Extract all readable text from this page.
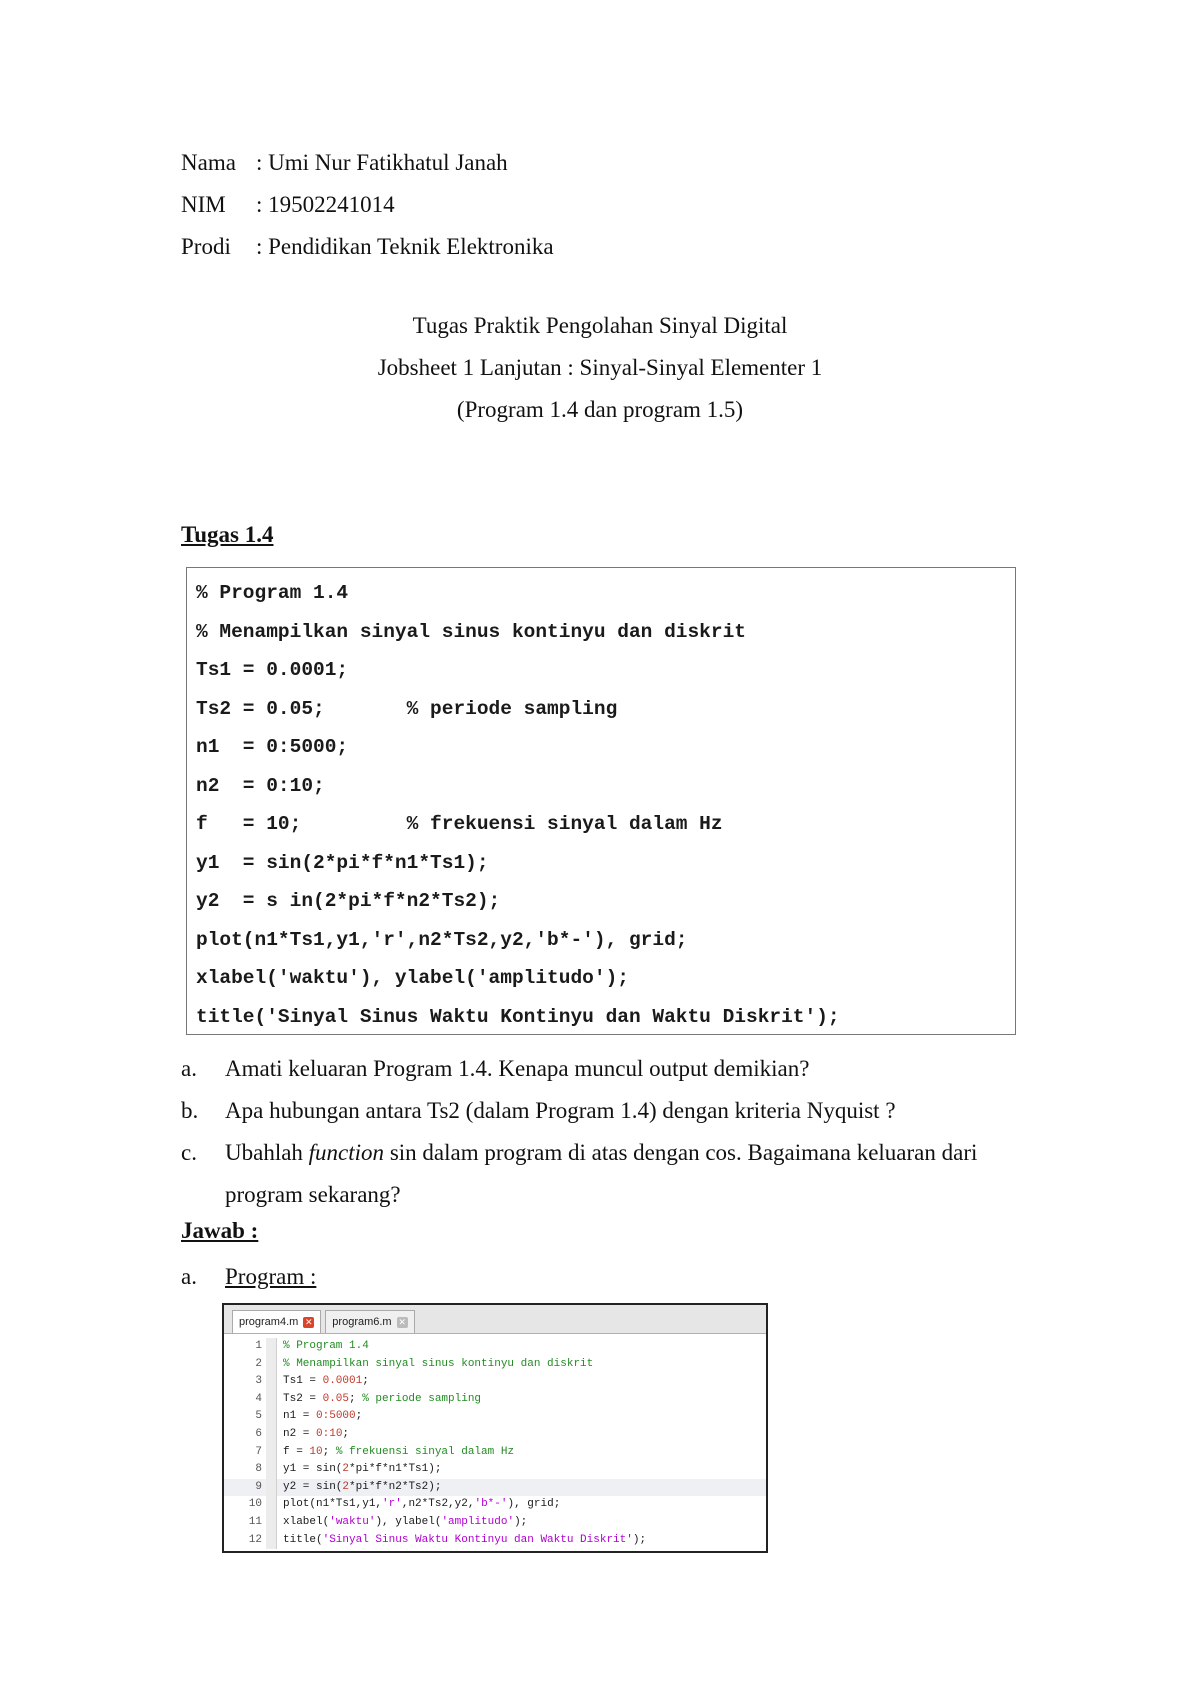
Nama : Umi Nur Fatikhatul Janah
NIM	: 19502241014
Prodi	: Pendidikan Teknik Elektronika
Tugas Praktik Pengolahan Sinyal Digital
Jobsheet 1 Lanjutan : Sinyal-Sinyal Elementer 1
(Program 1.4 dan program 1.5)
Tugas 1.4
% Program 1.4
% Menampilkan sinyal sinus kontinyu dan diskrit
Ts1 = 0.0001;
Ts2 = 0.05;       % periode sampling
n1  = 0:5000;
n2  = 0:10;
f   = 10;         % frekuensi sinyal dalam Hz
y1  = sin(2*pi*f*n1*Ts1);
y2  = s in(2*pi*f*n2*Ts2);
plot(n1*Ts1,y1,'r',n2*Ts2,y2,'b*-'), grid;
xlabel('waktu'), ylabel('amplitudo');
title('Sinyal Sinus Waktu Kontinyu dan Waktu Diskrit');
a.	Amati keluaran Program 1.4. Kenapa muncul output demikian?
b.	Apa hubungan antara Ts2 (dalam Program 1.4) dengan kriteria Nyquist ?
c.	Ubahlah function sin dalam program di atas dengan cos. Bagaimana keluaran dari program sekarang?
Jawab :
a.	Program :
program4.m ✕ program6.m ✕
1	% Program 1.4
2	% Menampilkan sinyal sinus kontinyu dan diskrit
3	Ts1 = 0.0001;
4	Ts2 = 0.05; % periode sampling
5	n1 = 0:5000;
6	n2 = 0:10;
7	f = 10; % frekuensi sinyal dalam Hz
8	y1 = sin(2*pi*f*n1*Ts1);
9	y2 = sin(2*pi*f*n2*Ts2);
10	plot(n1*Ts1,y1,'r',n2*Ts2,y2,'b*-'), grid;
11	xlabel('waktu'), ylabel('amplitudo');
12	title('Sinyal Sinus Waktu Kontinyu dan Waktu Diskrit');
